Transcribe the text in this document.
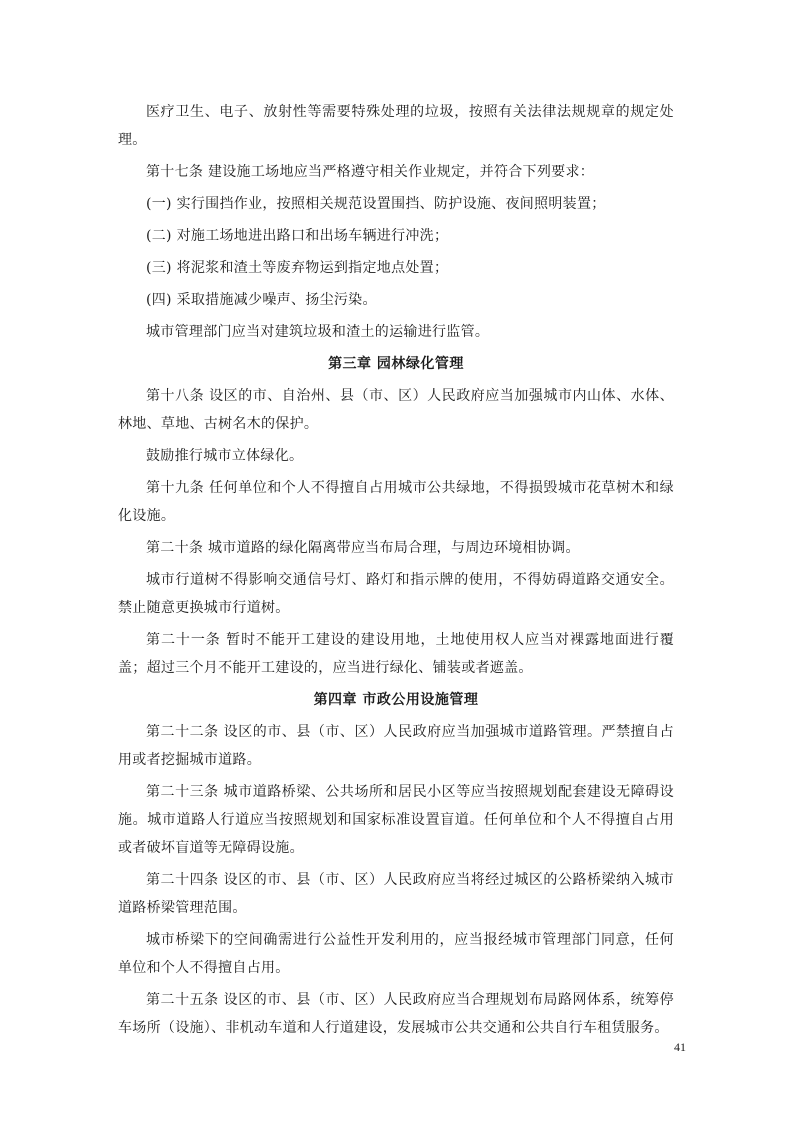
医疗卫生、电子、放射性等需要特殊处理的垃圾，按照有关法律法规规章的规定处理。

第十七条 建设施工场地应当严格遵守相关作业规定，并符合下列要求：

(一) 实行围挡作业，按照相关规范设置围挡、防护设施、夜间照明装置；

(二) 对施工场地进出路口和出场车辆进行冲洗；

(三) 将泥浆和渣土等废弃物运到指定地点处置；

(四) 采取措施减少噪声、扬尘污染。

城市管理部门应当对建筑垃圾和渣土的运输进行监管。

第三章 园林绿化管理

第十八条 设区的市、自治州、县（市、区）人民政府应当加强城市内山体、水体、林地、草地、古树名木的保护。

鼓励推行城市立体绿化。

第十九条 任何单位和个人不得擅自占用城市公共绿地，不得损毁城市花草树木和绿化设施。

第二十条 城市道路的绿化隔离带应当布局合理，与周边环境相协调。

城市行道树不得影响交通信号灯、路灯和指示牌的使用，不得妨碍道路交通安全。禁止随意更换城市行道树。

第二十一条 暂时不能开工建设的建设用地，土地使用权人应当对裸露地面进行覆盖；超过三个月不能开工建设的，应当进行绿化、铺装或者遮盖。

第四章 市政公用设施管理

第二十二条 设区的市、县（市、区）人民政府应当加强城市道路管理。严禁擅自占用或者挖掘城市道路。

第二十三条 城市道路桥梁、公共场所和居民小区等应当按照规划配套建设无障碍设施。城市道路人行道应当按照规划和国家标准设置盲道。任何单位和个人不得擅自占用或者破坏盲道等无障碍设施。

第二十四条 设区的市、县（市、区）人民政府应当将经过城区的公路桥梁纳入城市道路桥梁管理范围。

城市桥梁下的空间确需进行公益性开发利用的，应当报经城市管理部门同意，任何单位和个人不得擅自占用。

第二十五条 设区的市、县（市、区）人民政府应当合理规划布局路网体系，统筹停车场所（设施）、非机动车道和人行道建设，发展城市公共交通和公共自行车租赁服务。

41
